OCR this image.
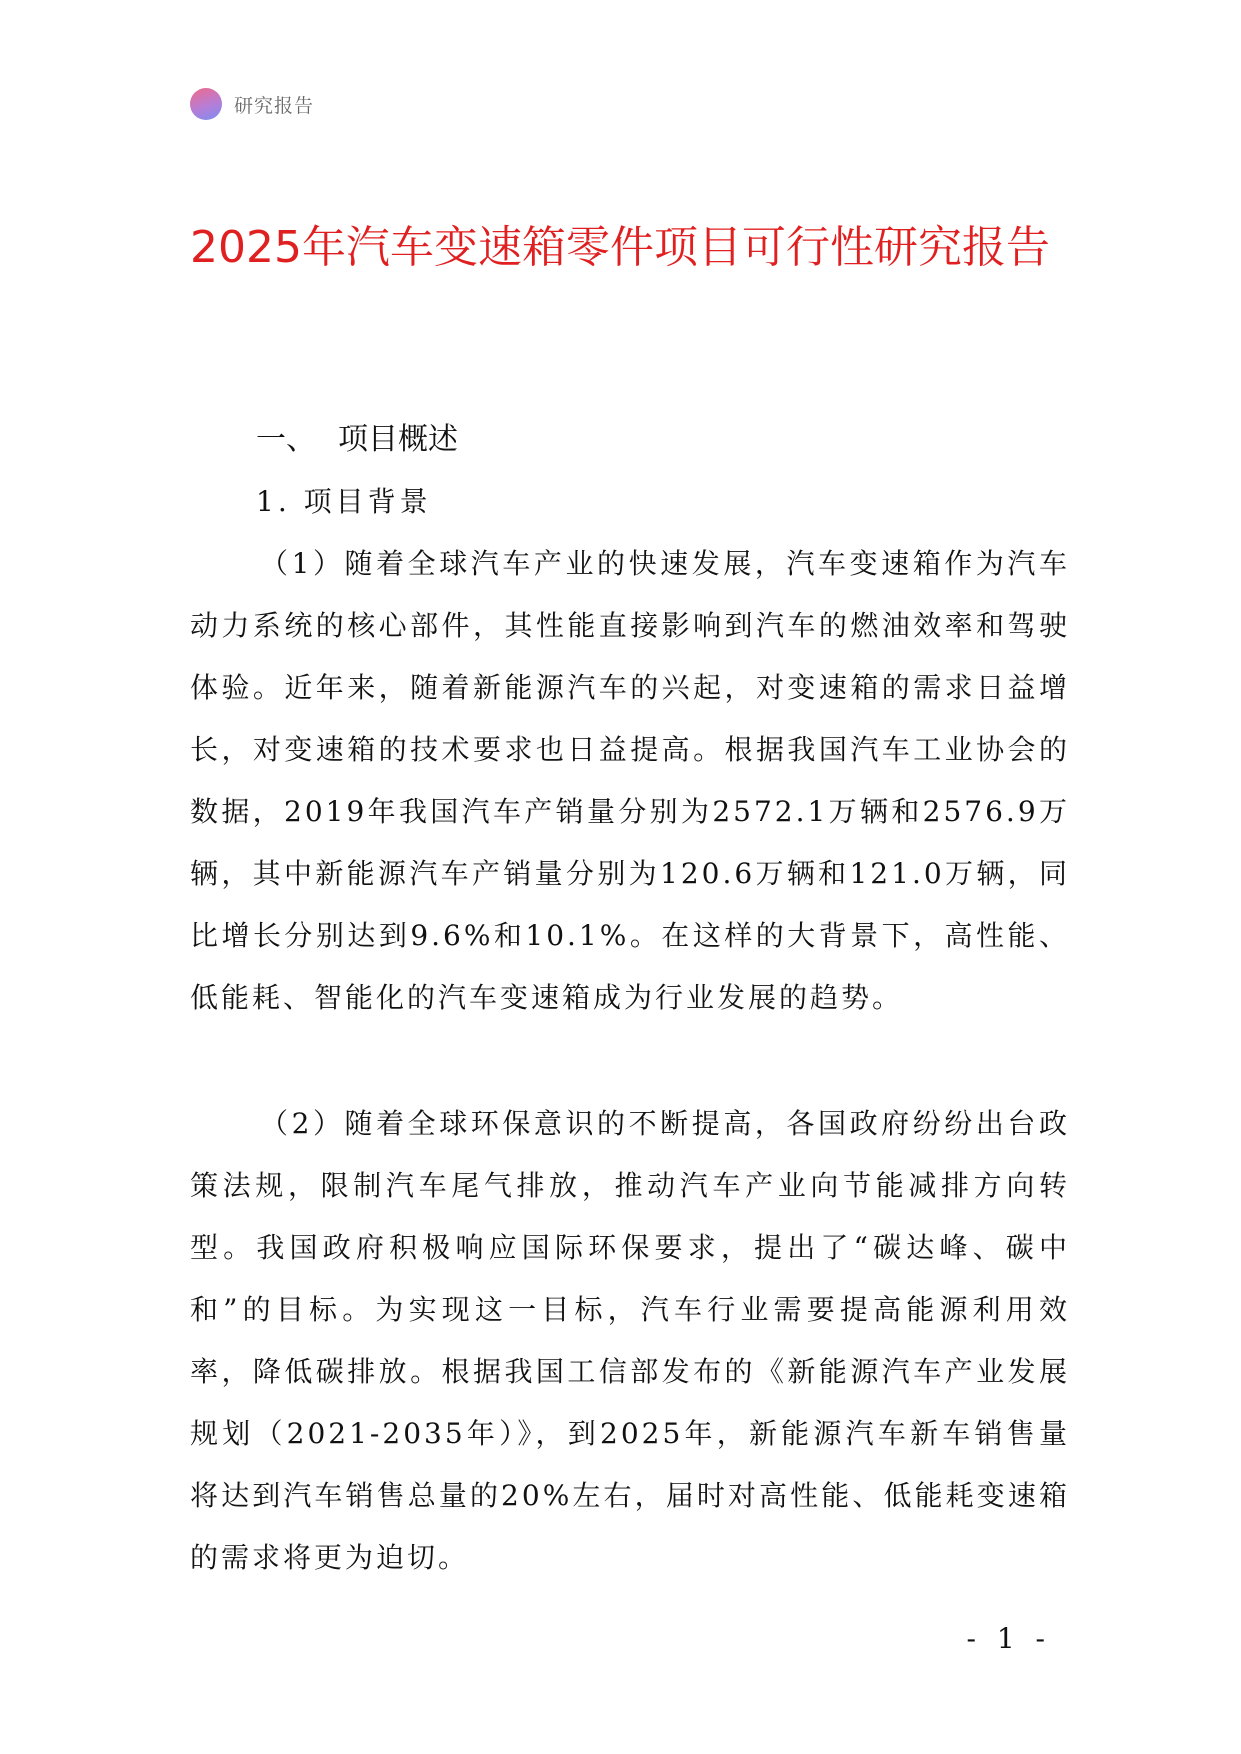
研究报告
2025年汽车变速箱零件项目可行性研究报告
一、 项目概述
1. 项目背景

（1）随着全球汽车产业的快速发展，汽车变速箱作为汽车动力系统的核心部件，其性能直接影响到汽车的燃油效率和驾驶体验。近年来，随着新能源汽车的兴起，对变速箱的需求日益增长，对变速箱的技术要求也日益提高。根据我国汽车工业协会的数据，2019年我国汽车产销量分别为2572.1万辆和2576.9万辆，其中新能源汽车产销量分别为120.6万辆和121.0万辆，同比增长分别达到9.6%和10.1%。在这样的大背景下，高性能、低能耗、智能化的汽车变速箱成为行业发展的趋势。

（2）随着全球环保意识的不断提高，各国政府纷纷出台政策法规，限制汽车尾气排放，推动汽车产业向节能减排方向转型。我国政府积极响应国际环保要求，提出了“碳达峰、碳中和”的目标。为实现这一目标，汽车行业需要提高能源利用效率，降低碳排放。根据我国工信部发布的《新能源汽车产业发展规划（2021-2035年）》，到2025年，新能源汽车新车销售量将达到汽车销售总量的20%左右，届时对高性能、低能耗变速箱的需求将更为迫切。

- 1 -
